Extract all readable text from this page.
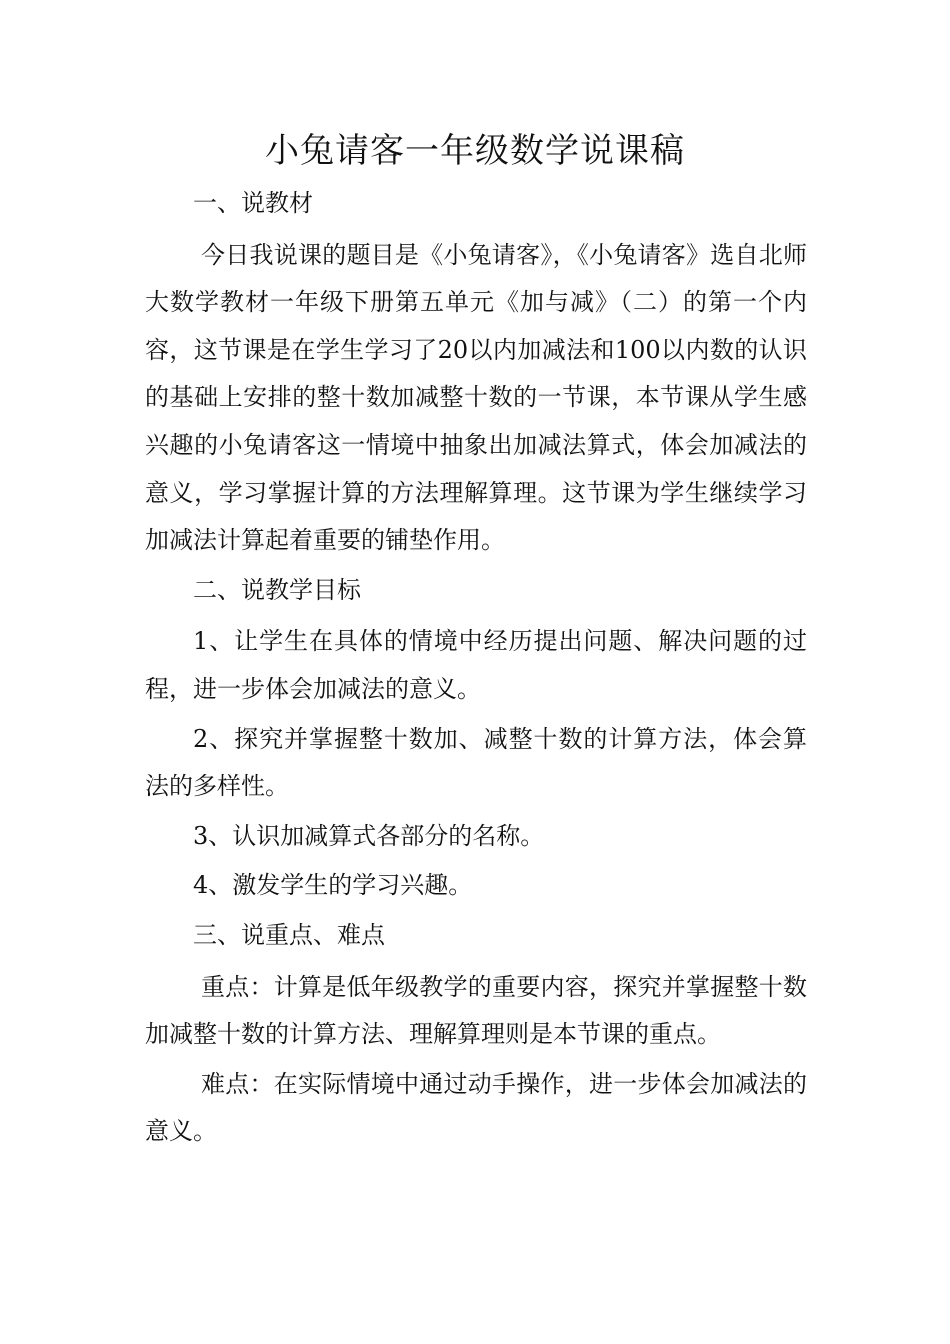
小兔请客一年级数学说课稿

一、说教材

今日我说课的题目是《小兔请客》，《小兔请客》选自北师大数学教材一年级下册第五单元《加与减》（二）的第一个内容，这节课是在学生学习了20以内加减法和100以内数的认识的基础上安排的整十数加减整十数的一节课，本节课从学生感兴趣的小兔请客这一情境中抽象出加减法算式，体会加减法的意义，学习掌握计算的方法理解算理。这节课为学生继续学习加减法计算起着重要的铺垫作用。

二、说教学目标

1、让学生在具体的情境中经历提出问题、解决问题的过程，进一步体会加减法的意义。

2、探究并掌握整十数加、减整十数的计算方法，体会算法的多样性。

3、认识加减算式各部分的名称。

4、激发学生的学习兴趣。

三、说重点、难点

重点：计算是低年级教学的重要内容，探究并掌握整十数加减整十数的计算方法、理解算理则是本节课的重点。

难点：在实际情境中通过动手操作，进一步体会加减法的意义。
